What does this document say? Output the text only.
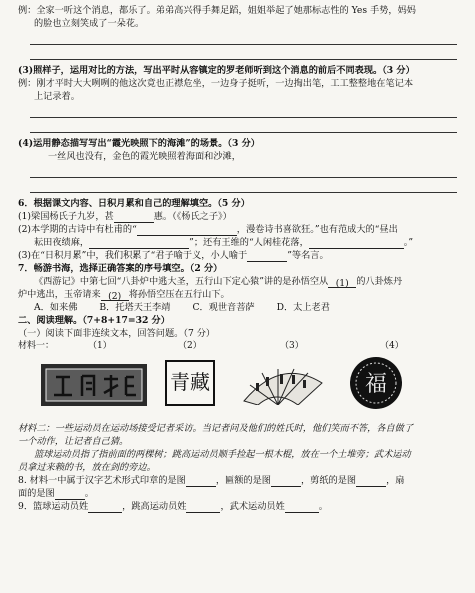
例：全家一听这个消息，都乐了。弟弟高兴得手舞足蹈，姐姐举起了她那标志性的 Yes 手势，妈妈
的脸也立刻笑成了一朵花。
(3)照样子，运用对比的方法，写出平时从容镇定的罗老师听到这个消息的前后不同表现。（3 分）
例：刚才平时大大咧咧的他这次竟也正襟危坐，一边身子挺听，一边掏出笔，工工整整地在笔记本
上记录着。
(4)运用静态描写写出“霞光映照下的海滩”的场景。（3 分）
一丝风也没有，金色的霞光映照着海面和沙滩，
6．根据课文内容、日积月累和自己的理解填空。（5 分）
(1)梁国杨氏子九岁，甚	惠。（《杨氏之子》）
(2)本学期的古诗中有杜甫的“	，漫卷诗书喜欲狂。”也有范成大的“昼出
耘田夜绩麻，	”；还有王维的“人闲桂花落，	。”
(3)在“日积月累”中，我们积累了“君子喻于义，小人喻于	”等名言。
7．畅游书海，选择正确答案的序号填空。（2 分）
《西游记》中第七回“八卦炉中逃大圣，五行山下定心猿”讲的是孙悟空从 (1) 的八卦炼丹
炉中逃出，玉帝请来 (2) 将孙悟空压在五行山下。
A．如来佛 B．托塔天王李靖 C．观世音菩萨 D．太上老君
二、阅读理解。（7+8+17=32 分）
（一）阅读下面非连续文本，回答问题。（7 分）
材料一：	（1）	（2）	（3）	（4）
青藏	福
材料二：一些运动员在运动场接受记者采访。当记者问及他们的姓氏时，他们笑而不答，各自做了
一个动作，让记者自己猜。
篮球运动员指了指前面的两棵树；跳高运动员顺手捡起一根木棍，放在一个土堆旁；武术运动
员拿过来赖的书，放在剑的旁边。
8. 材料一中属于汉字艺术形式印章的是图	，匾额的是图	，剪纸的是图	，扇
面的是图	。
9．篮球运动员姓	，跳高运动员姓	，武术运动员姓	。
